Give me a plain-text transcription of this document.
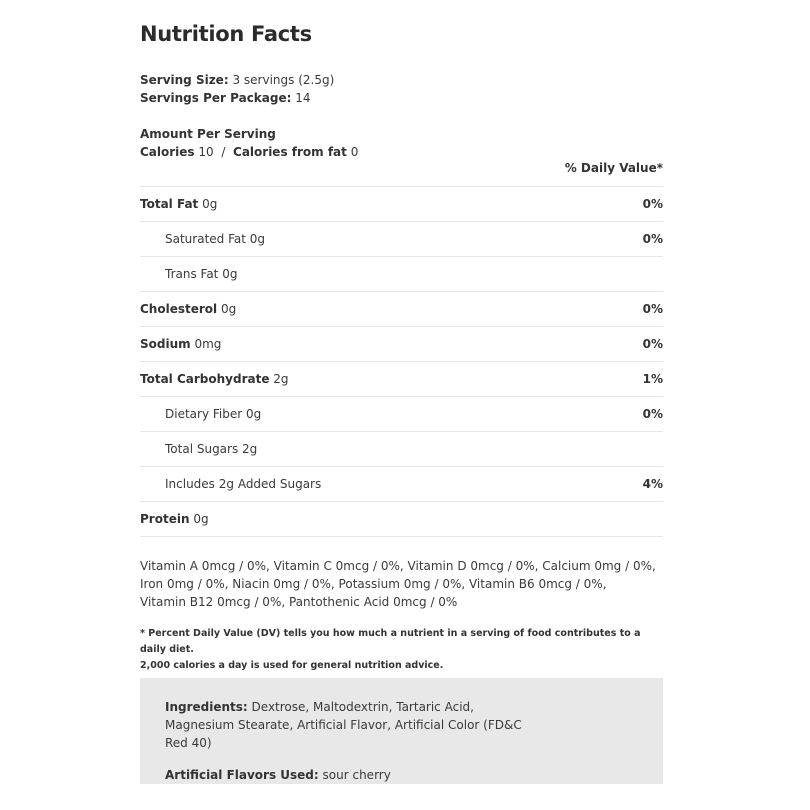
Nutrition Facts
Serving Size: 3 servings (2.5g)
Servings Per Package: 14
Amount Per Serving
Calories 10 / Calories from fat 0
% Daily Value*
Total Fat 0g	0%
Saturated Fat 0g	0%
Trans Fat 0g
Cholesterol 0g	0%
Sodium 0mg	0%
Total Carbohydrate 2g	1%
Dietary Fiber 0g	0%
Total Sugars 2g
Includes 2g Added Sugars	4%
Protein 0g
Vitamin A 0mcg / 0%, Vitamin C 0mcg / 0%, Vitamin D 0mcg / 0%, Calcium 0mg / 0%,
Iron 0mg / 0%, Niacin 0mg / 0%, Potassium 0mg / 0%, Vitamin B6 0mcg / 0%,
Vitamin B12 0mcg / 0%, Pantothenic Acid 0mcg / 0%
* Percent Daily Value (DV) tells you how much a nutrient in a serving of food contributes to a daily diet.
2,000 calories a day is used for general nutrition advice.

Ingredients: Dextrose, Maltodextrin, Tartaric Acid, Magnesium Stearate, Artificial Flavor, Artificial Color (FD&C Red 40)

Artificial Flavors Used: sour cherry
